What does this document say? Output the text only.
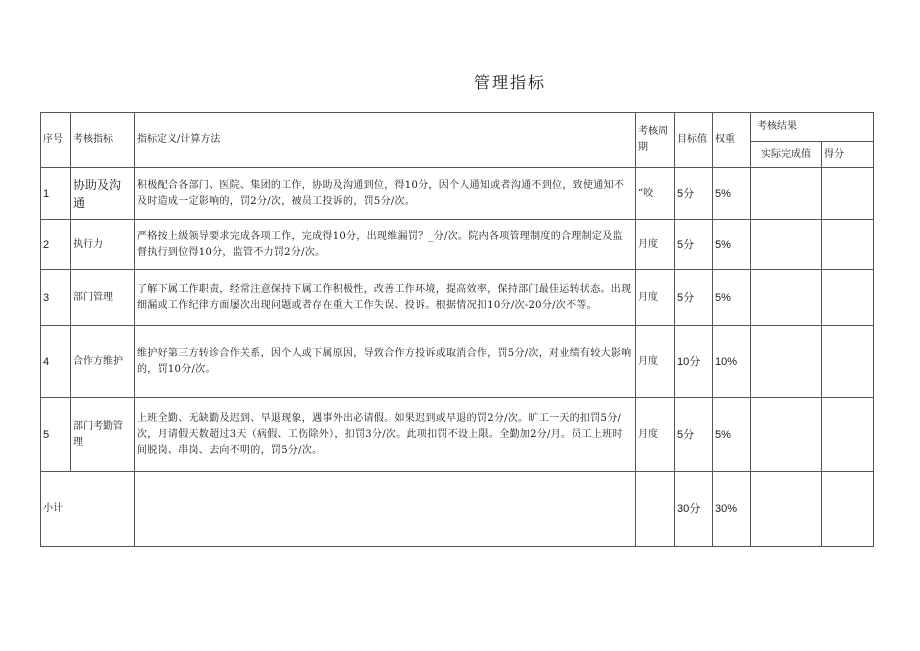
管理指标
序号	考核指标	指标定义/计算方法	考核周期	目标值	权重	考核结果	
						实际完成值	得分
1	协助及沟通	积极配合各部门、医院、集团的工作，协助及沟通到位，得10分，因个人通知或者沟通不到位，致使通知不及时造成一定影响的，罚2分/次，被员工投诉的，罚5分/次。	“咬	5分	5%		
2	执行力	严格按上级领导要求完成各项工作，完成得10分，出现维漏罚？_分/次。院内各项管理制度的合理制定及监督执行到位得10分，监管不力罚2分/次。	月度	5分	5%		
3	部门管理	了解下属工作职责，经常注意保持下属工作积极性，改善工作环境，提高效率，保持部门最佳运转状态。出现细漏或工作纪律方面屡次出现问题或者存在重大工作失误、投诉。根据情况扣10分/次-20分/次不等。	月度	5分	5%		
4	合作方维护	维护好第三方转诊合作关系，因个人或下属原因，导致合作方投诉或取消合作，罚5分/次，对业绩有较大影响的，罚10分/次。	月度	10分	10%		
5	部门考勤管理	上班全勤、无缺勤及迟到、早退现象，遇事外出必请假。如果迟到或早退的罚2分/次。旷工一天的扣罚5分/次，月请假天数超过3天（病假、工伤除外），扣罚3分/次。此项扣罚不设上限。全勤加2分/月。员工上班时间脱岗、串岗、去向不明的，罚5分/次。	月度	5分	5%		
小计				30分	30%		
